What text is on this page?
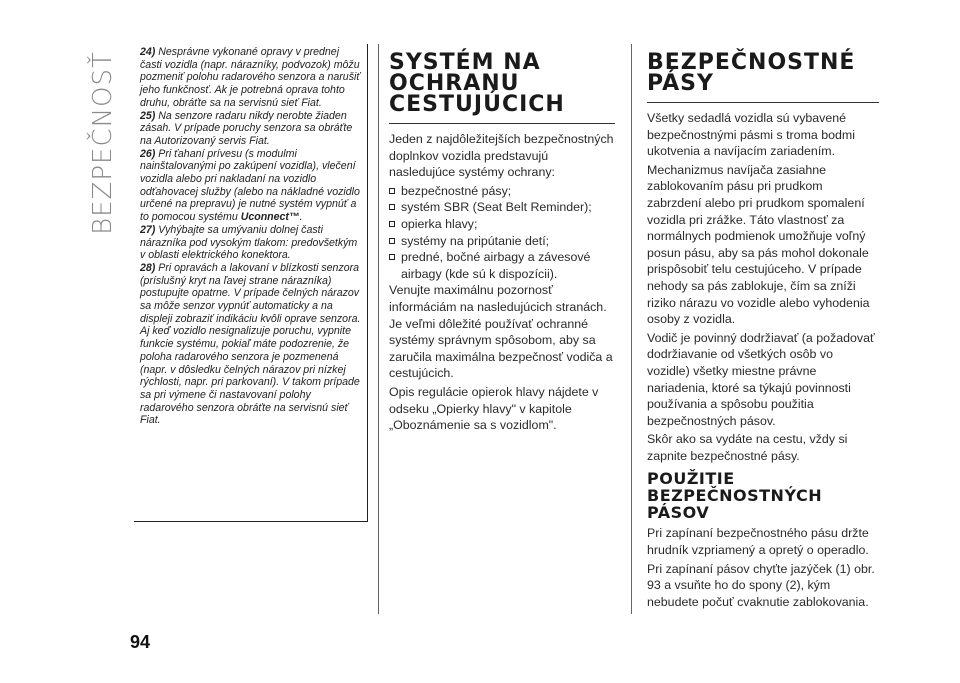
BEZPEČNOSŤ 24) Nesprávne vykonané opravy v prednej časti vozidla (napr. nárazníky, podvozok) môžu pozmeniť polohu radarového senzora a narušiť jeho funkčnosť. Ak je potrebná oprava tohto druhu, obráťte sa na servisnú sieť Fiat.

25) Na senzore radaru nikdy nerobte žiaden zásah. V prípade poruchy senzora sa obráťte na Autorizovaný servis Fiat.

26) Pri ťahaní prívesu (s modulmi nainštalovanými po zakúpení vozidla), vlečení vozidla alebo pri nakladaní na vozidlo odťahovacej služby (alebo na nákladné vozidlo určené na prepravu) je nutné systém vypnúť a to pomocou systému Uconnect™.

27) Vyhýbajte sa umývaniu dolnej časti nárazníka pod vysokým tlakom: predovšetkým v oblasti elektrického konektora.

28) Pri opravách a lakovaní v blízkosti senzora (príslušný kryt na ľavej strane nárazníka) postupujte opatrne. V prípade čelných nárazov sa môže senzor vypnúť automaticky a na displeji zobraziť indikáciu kvôli oprave senzora. Aj keď vozidlo nesignalizuje poruchu, vypnite funkcie systému, pokiaľ máte podozrenie, že poloha radarového senzora je pozmenená (napr. v dôsledku čelných nárazov pri nízkej rýchlosti, napr. pri parkovaní). V takom prípade sa pri výmene či nastavovaní polohy radarového senzora obráťte na servisnú sieť Fiat.

SYSTÉM NA
OCHRANU
CESTUJÚCICH

Jeden z najdôležitejších bezpečnostných doplnkov vozidla predstavujú nasledujúce systémy ochrany:

bezpečnostné pásy;
systém SBR (Seat Belt Reminder);
opierka hlavy;
systémy na pripútanie detí;
predné, bočné airbagy a závesové airbagy (kde sú k dispozícii).

Venujte maximálnu pozornosť informáciám na nasledujúcich stranách. Je veľmi dôležité používať ochranné systémy správnym spôsobom, aby sa zaručila maximálna bezpečnosť vodiča a cestujúcich.

Opis regulácie opierok hlavy nájdete v odseku „Opierky hlavy" v kapitole „Oboznámenie sa s vozidlom".

BEZPEČNOSTNÉ
PÁSY

Všetky sedadlá vozidla sú vybavené bezpečnostnými pásmi s troma bodmi ukotvenia a navíjacím zariadením.

Mechanizmus navíjača zasiahne zablokovaním pásu pri prudkom zabrzdení alebo pri prudkom spomalení vozidla pri zrážke. Táto vlastnosť za normálnych podmienok umožňuje voľný posun pásu, aby sa pás mohol dokonale prispôsobiť telu cestujúceho. V prípade nehody sa pás zablokuje, čím sa zníži riziko nárazu vo vozidle alebo vyhodenia osoby z vozidla.

Vodič je povinný dodržiavať (a požadovať dodržiavanie od všetkých osôb vo vozidle) všetky miestne právne nariadenia, ktoré sa týkajú povinnosti používania a spôsobu použitia bezpečnostných pásov.

Skôr ako sa vydáte na cestu, vždy si zapnite bezpečnostné pásy.

POUŽITIE
BEZPEČNOSTNÝCH
PÁSOV

Pri zapínaní bezpečnostného pásu držte hrudník vzpriamený a opretý o operadlo.

Pri zapínaní pásov chyťte jazýček (1) obr. 93 a vsuňte ho do spony (2), kým nebudete počuť cvaknutie zablokovania.

94
